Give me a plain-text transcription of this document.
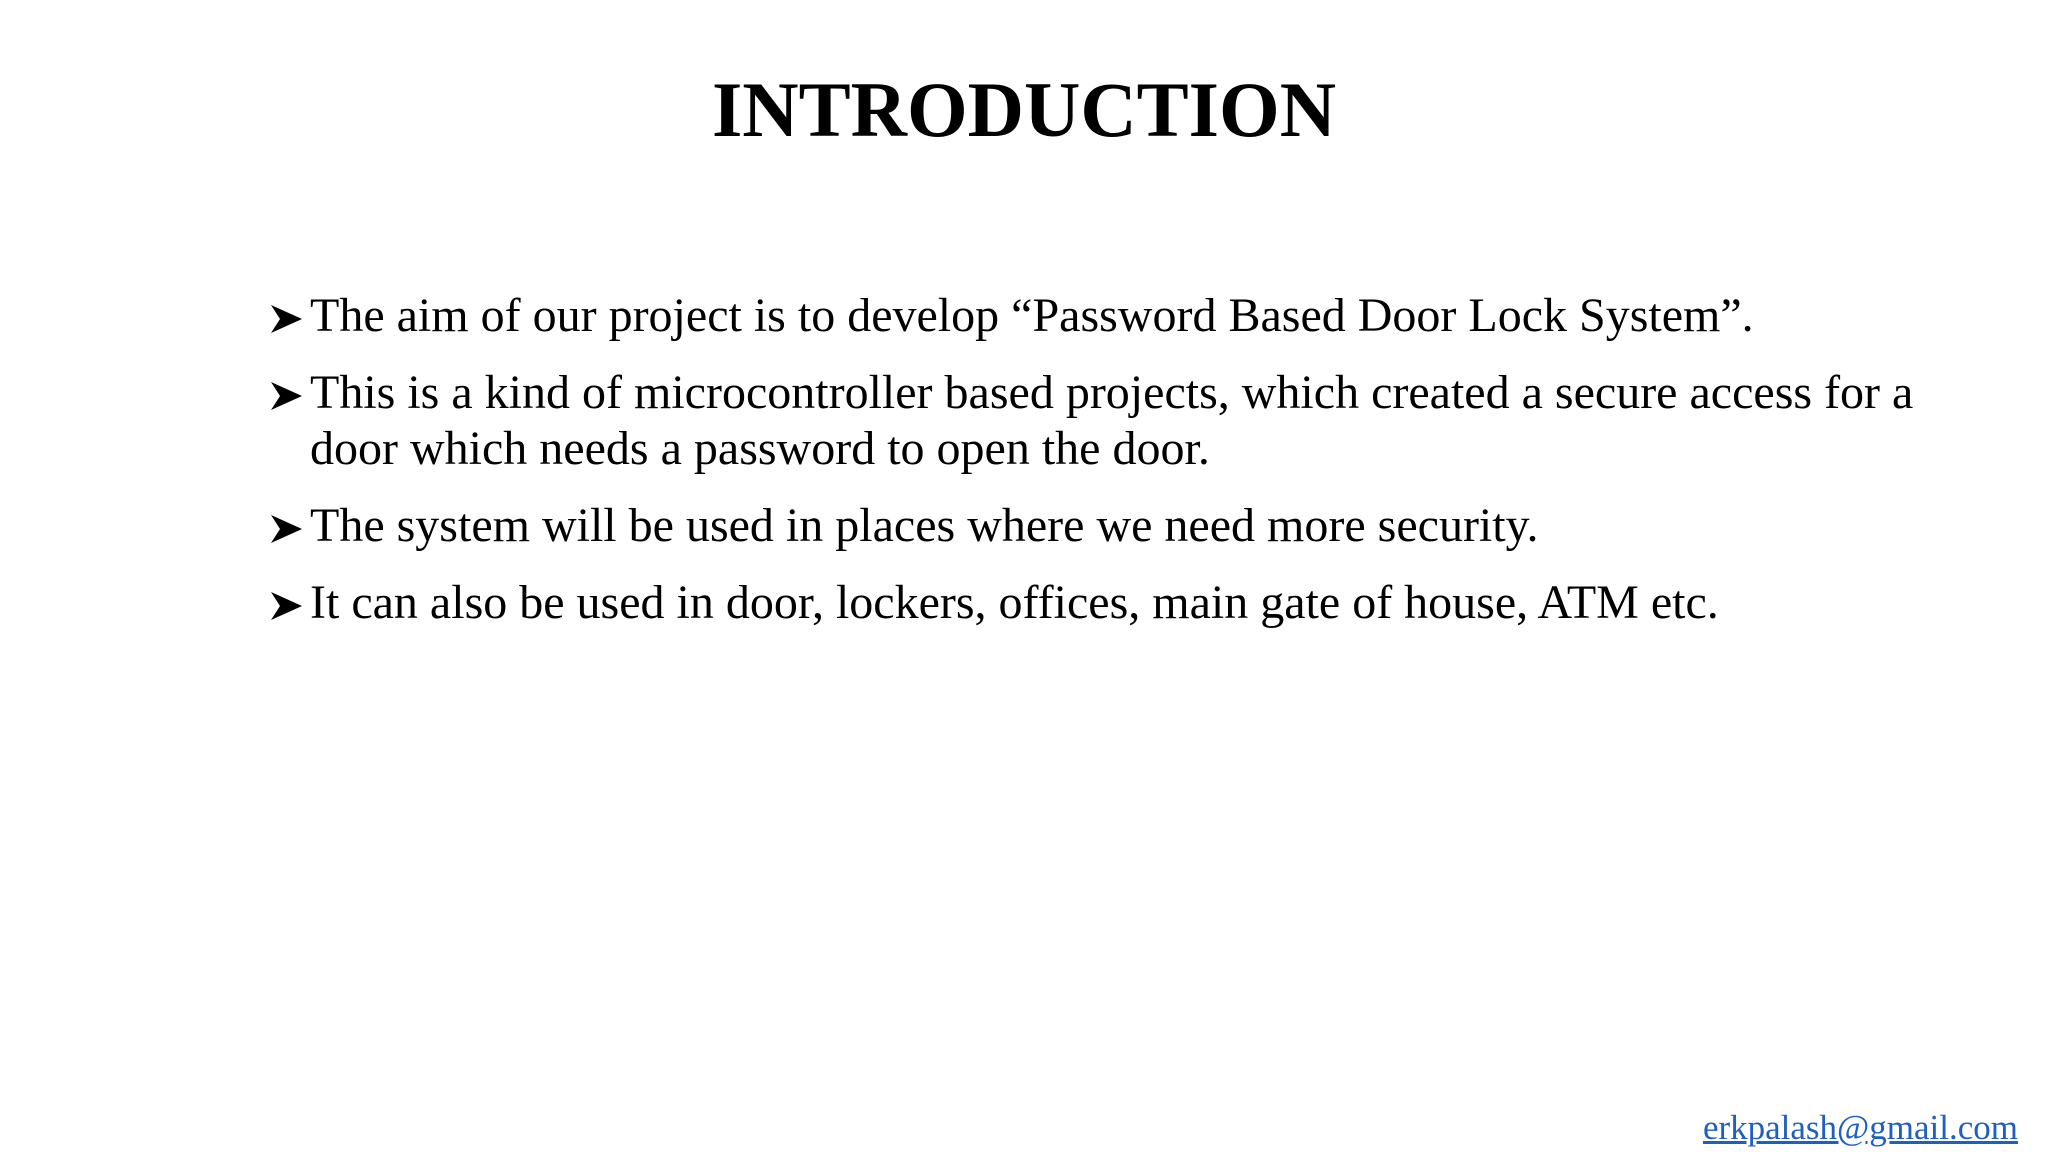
INTRODUCTION
The aim of our project is to develop “Password Based Door Lock System”.
This is a kind of microcontroller based projects, which created a secure access for a door which needs a password to open the door.
The system will be used in places where we need more security.
It can also be used in door, lockers, offices, main gate of house, ATM etc.
erkpalash@gmail.com
